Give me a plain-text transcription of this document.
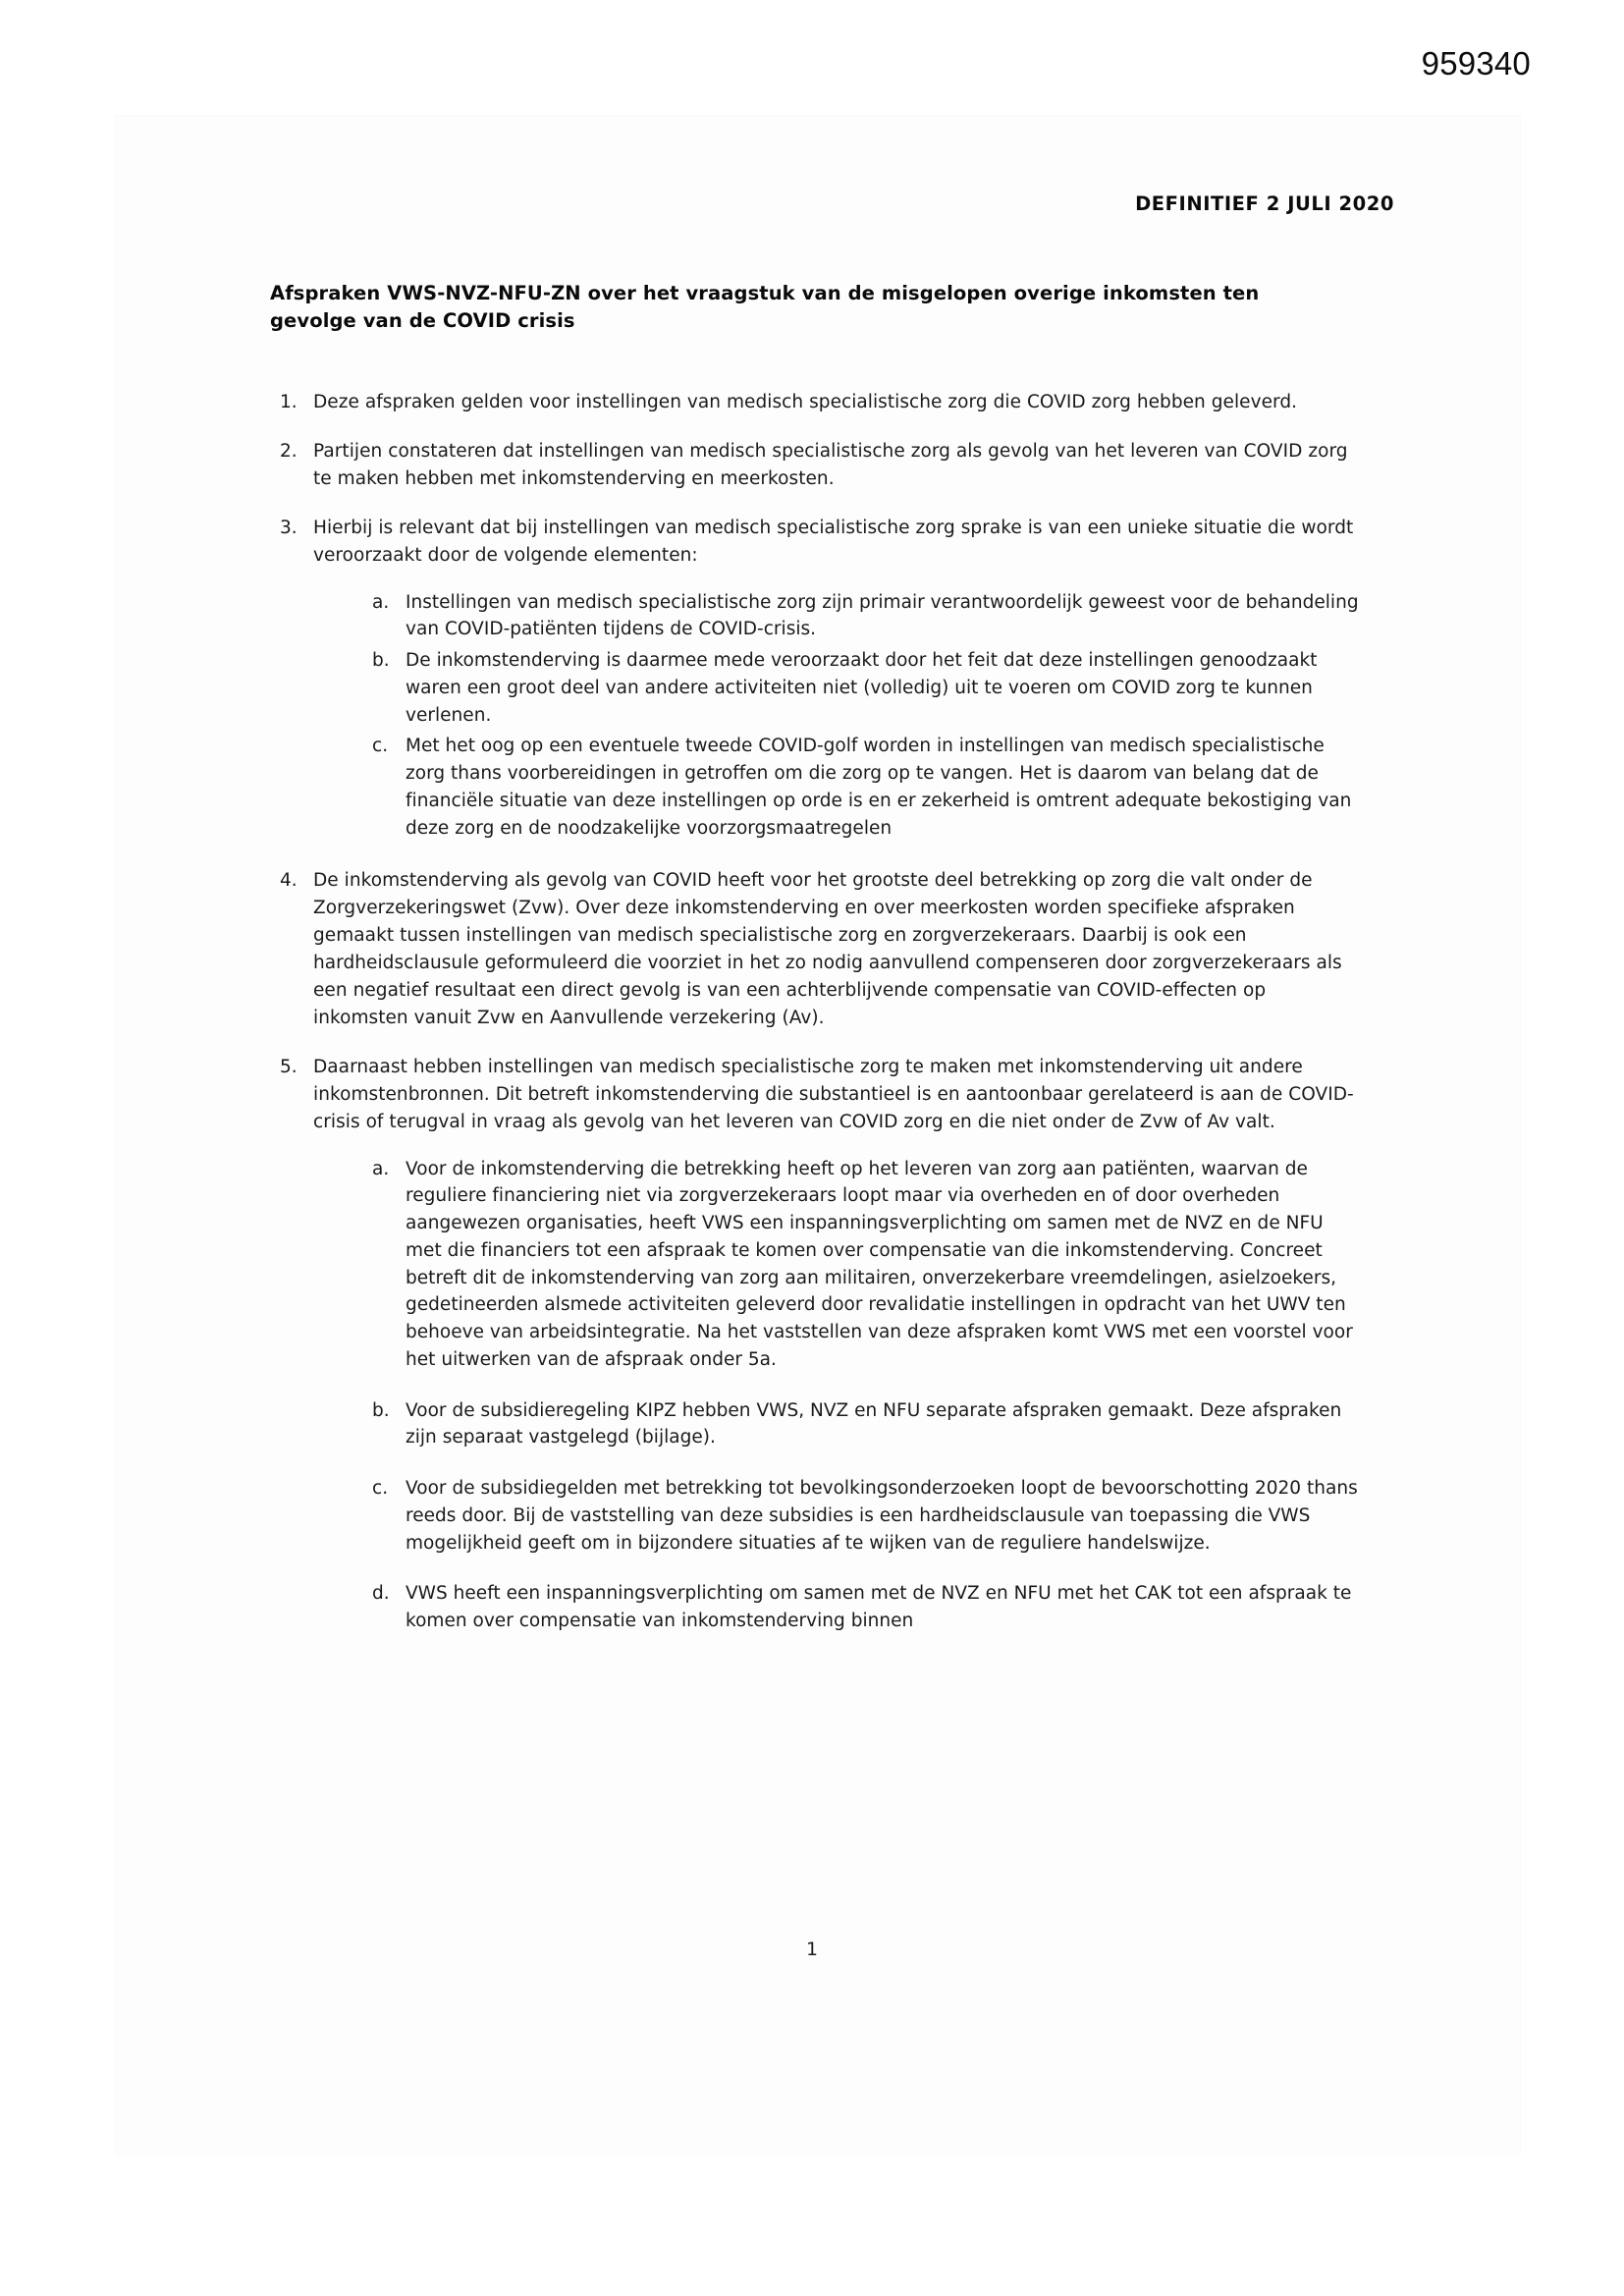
959340
DEFINITIEF 2 JULI 2020
Afspraken VWS-NVZ-NFU-ZN over het vraagstuk van de misgelopen overige inkomsten ten gevolge van de COVID crisis
1. Deze afspraken gelden voor instellingen van medisch specialistische zorg die COVID zorg hebben geleverd.

2. Partijen constateren dat instellingen van medisch specialistische zorg als gevolg van het leveren van COVID zorg te maken hebben met inkomstenderving en meerkosten.

3. Hierbij is relevant dat bij instellingen van medisch specialistische zorg sprake is van een unieke situatie die wordt veroorzaakt door de volgende elementen:

a. Instellingen van medisch specialistische zorg zijn primair verantwoordelijk geweest voor de behandeling van COVID-patiënten tijdens de COVID-crisis.

b. De inkomstenderving is daarmee mede veroorzaakt door het feit dat deze instellingen genoodzaakt waren een groot deel van andere activiteiten niet (volledig) uit te voeren om COVID zorg te kunnen verlenen.

c. Met het oog op een eventuele tweede COVID-golf worden in instellingen van medisch specialistische zorg thans voorbereidingen in getroffen om die zorg op te vangen. Het is daarom van belang dat de financiële situatie van deze instellingen op orde is en er zekerheid is omtrent adequate bekostiging van deze zorg en de noodzakelijke voorzorgsmaatregelen

4. De inkomstenderving als gevolg van COVID heeft voor het grootste deel betrekking op zorg die valt onder de Zorgverzekeringswet (Zvw). Over deze inkomstenderving en over meerkosten worden specifieke afspraken gemaakt tussen instellingen van medisch specialistische zorg en zorgverzekeraars. Daarbij is ook een hardheidsclausule geformuleerd die voorziet in het zo nodig aanvullend compenseren door zorgverzekeraars als een negatief resultaat een direct gevolg is van een achterblijvende compensatie van COVID-effecten op inkomsten vanuit Zvw en Aanvullende verzekering (Av).

5. Daarnaast hebben instellingen van medisch specialistische zorg te maken met inkomstenderving uit andere inkomstenbronnen. Dit betreft inkomstenderving die substantieel is en aantoonbaar gerelateerd is aan de COVID-crisis of terugval in vraag als gevolg van het leveren van COVID zorg en die niet onder de Zvw of Av valt.

a. Voor de inkomstenderving die betrekking heeft op het leveren van zorg aan patiënten, waarvan de reguliere financiering niet via zorgverzekeraars loopt maar via overheden en of door overheden aangewezen organisaties, heeft VWS een inspanningsverplichting om samen met de NVZ en de NFU met die financiers tot een afspraak te komen over compensatie van die inkomstenderving. Concreet betreft dit de inkomstenderving van zorg aan militairen, onverzekerbare vreemdelingen, asielzoekers, gedetineerden alsmede activiteiten geleverd door revalidatie instellingen in opdracht van het UWV ten behoeve van arbeidsintegratie. Na het vaststellen van deze afspraken komt VWS met een voorstel voor het uitwerken van de afspraak onder 5a.

b. Voor de subsidieregeling KIPZ hebben VWS, NVZ en NFU separate afspraken gemaakt. Deze afspraken zijn separaat vastgelegd (bijlage).

c. Voor de subsidiegelden met betrekking tot bevolkingsonderzoeken loopt de bevoorschotting 2020 thans reeds door. Bij de vaststelling van deze subsidies is een hardheidsclausule van toepassing die VWS mogelijkheid geeft om in bijzondere situaties af te wijken van de reguliere handelswijze.

d. VWS heeft een inspanningsverplichting om samen met de NVZ en NFU met het CAK tot een afspraak te komen over compensatie van inkomstenderving binnen

1
